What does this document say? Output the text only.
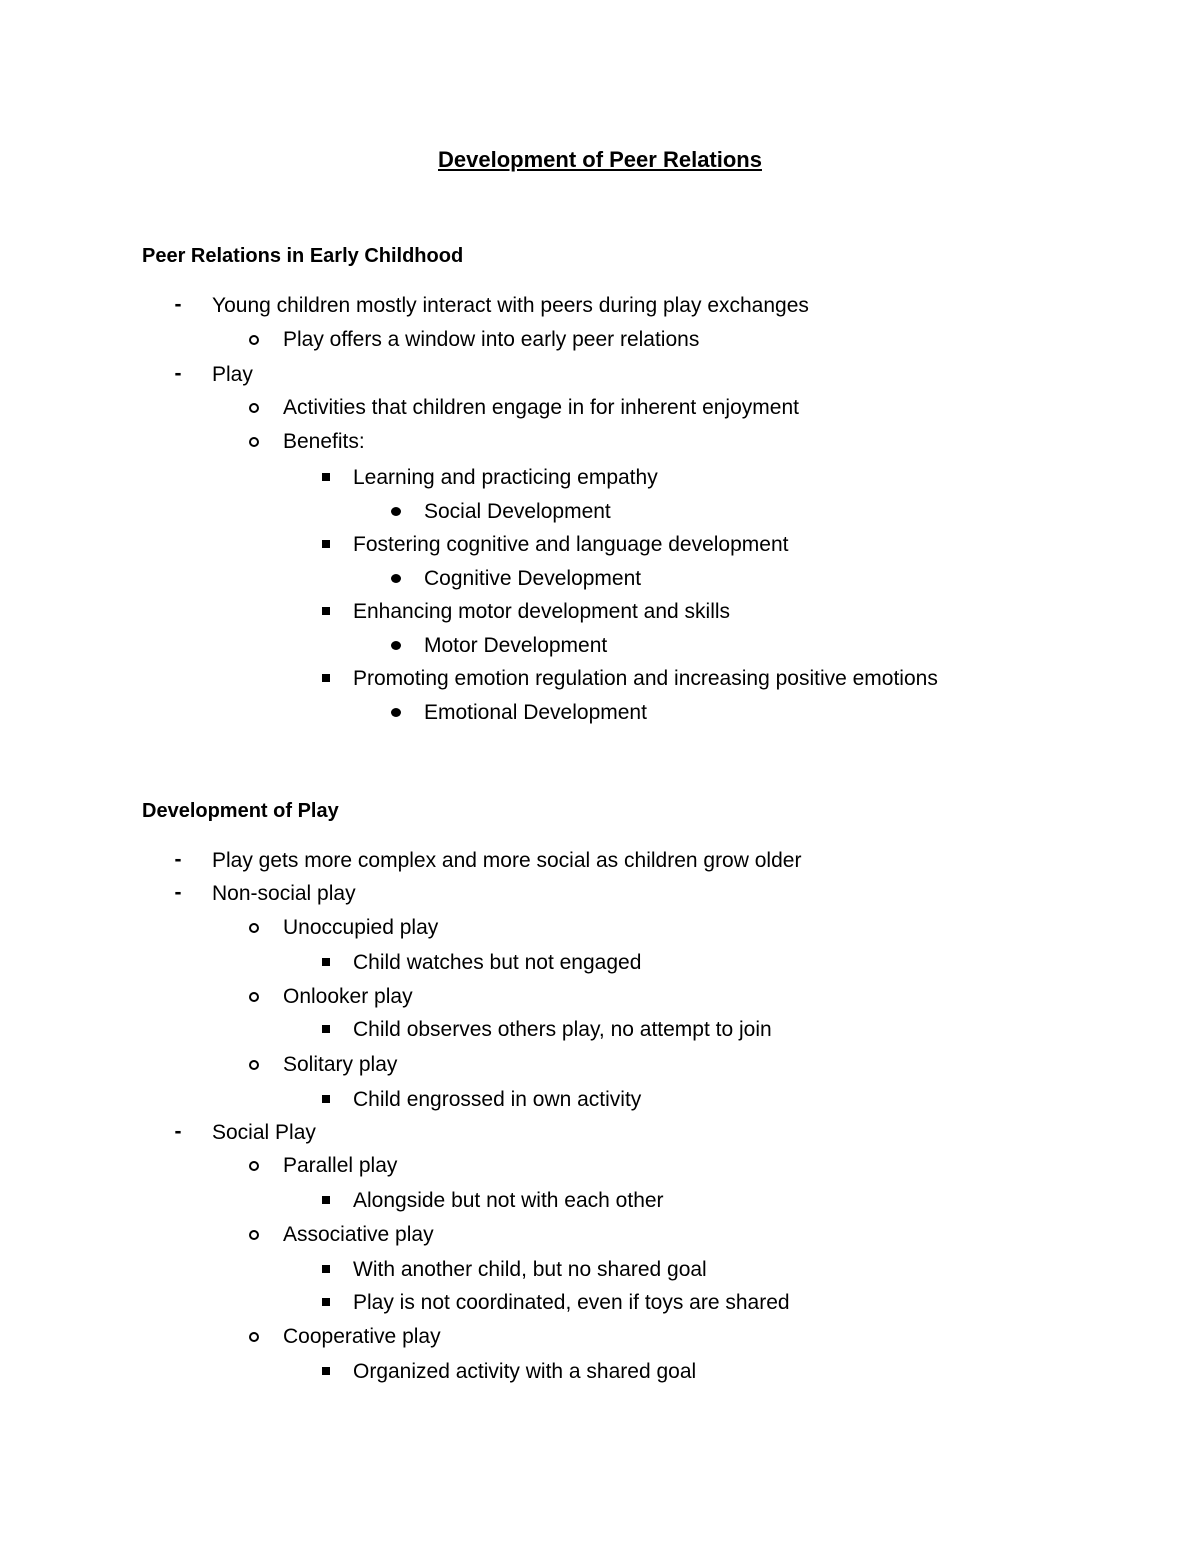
Development of Peer Relations
Peer Relations in Early Childhood
-	Young children mostly interact with peers during play exchanges
Play offers a window into early peer relations
-	Play
Activities that children engage in for inherent enjoyment
Benefits:
Learning and practicing empathy
Social Development
Fostering cognitive and language development
Cognitive Development
Enhancing motor development and skills
Motor Development
Promoting emotion regulation and increasing positive emotions
Emotional Development
Development of Play
-	Play gets more complex and more social as children grow older
-	Non-social play
Unoccupied play
Child watches but not engaged
Onlooker play
Child observes others play, no attempt to join
Solitary play
Child engrossed in own activity
-	Social Play
Parallel play
Alongside but not with each other
Associative play
With another child, but no shared goal
Play is not coordinated, even if toys are shared
Cooperative play
Organized activity with a shared goal
